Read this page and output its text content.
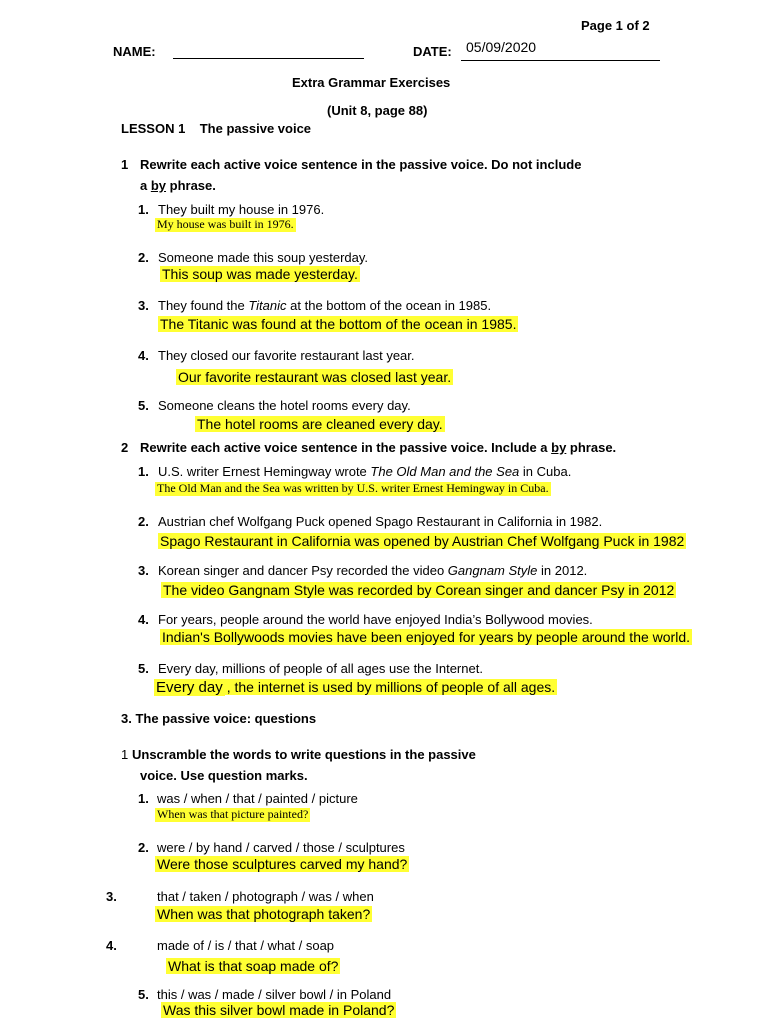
Page 1 of 2
NAME:	DATE: 05/09/2020
Extra Grammar Exercises
(Unit 8, page 88)
LESSON 1    The passive voice
1 Rewrite each active voice sentence in the passive voice. Do not include
a by phrase.
1. They built my house in 1976.
My house was built in 1976.
2. Someone made this soup yesterday.
This soup was made yesterday.
3. They found the Titanic at the bottom of the ocean in 1985.
The Titanic was found at the bottom of the ocean in 1985.
4. They closed our favorite restaurant last year.
Our favorite restaurant was closed last year.
5. Someone cleans the hotel rooms every day.
The hotel rooms are cleaned every day.
2 Rewrite each active voice sentence in the passive voice. Include a by phrase.
1. U.S. writer Ernest Hemingway wrote The Old Man and the Sea in Cuba.
The Old Man and the Sea was written by U.S. writer Ernest Hemingway in Cuba.
2. Austrian chef Wolfgang Puck opened Spago Restaurant in California in 1982.
Spago Restaurant in California was opened by Austrian Chef Wolfgang Puck in 1982
3. Korean singer and dancer Psy recorded the video Gangnam Style in 2012.
The video Gangnam Style was recorded by Corean singer and dancer Psy in 2012
4. For years, people around the world have enjoyed India’s Bollywood movies.
Indian's Bollywoods movies have been enjoyed for years by people around the world.
5. Every day, millions of people of all ages use the Internet.
Every day , the internet is used by millions of people of all ages.
3. The passive voice: questions
1 Unscramble the words to write questions in the passive
voice. Use question marks.
1. was / when / that / painted / picture
When was that picture painted?
2. were / by hand / carved / those / sculptures
Were those sculptures carved my hand?
3.	that / taken / photograph / was / when
When was that photograph taken?
4.	made of / is / that / what / soap
What is that soap made of?
5. this / was / made / silver bowl / in Poland
Was this silver bowl made in Poland?
